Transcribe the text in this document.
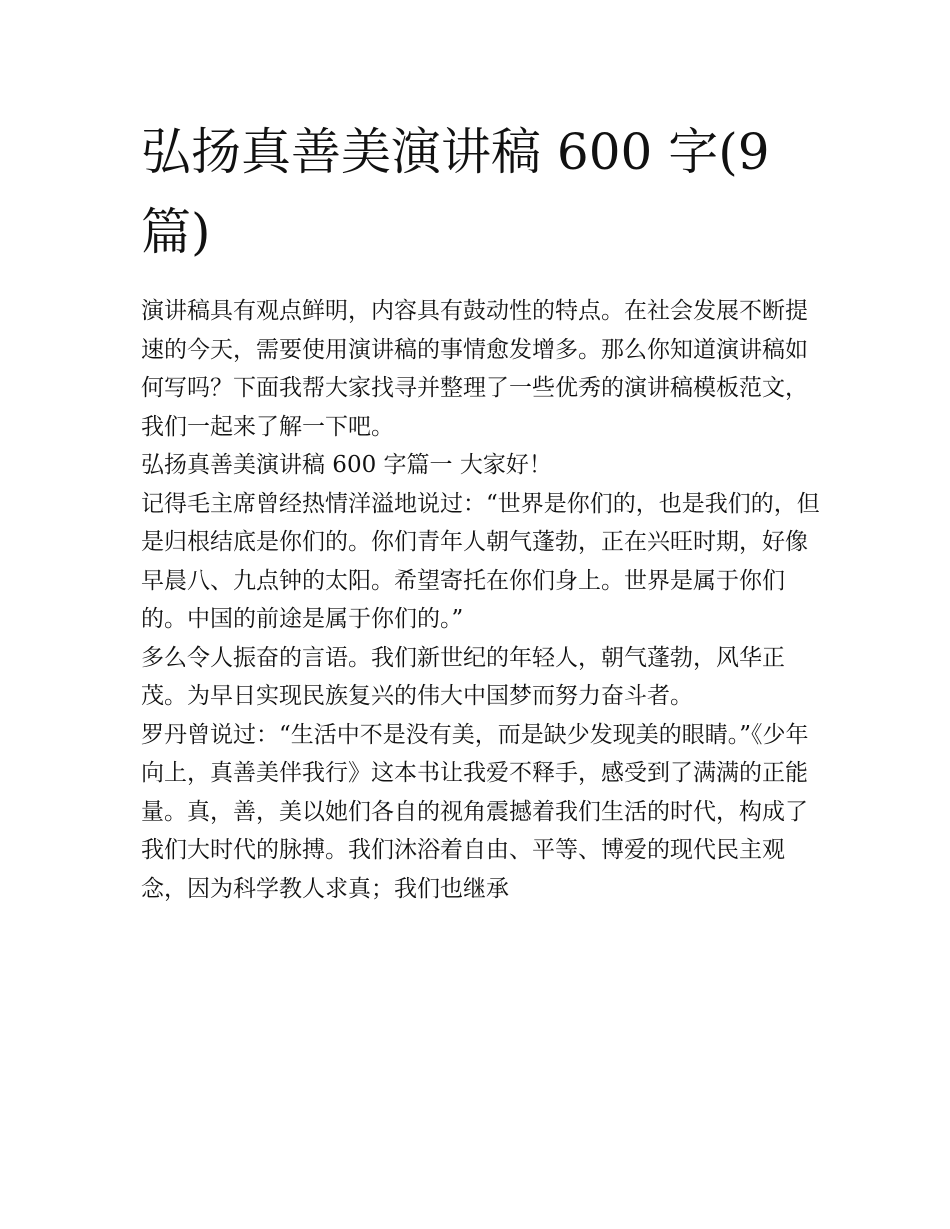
弘扬真善美演讲稿 600 字(9
篇)

演讲稿具有观点鲜明，内容具有鼓动性的特点。在社会发展不断提速的今天，需要使用演讲稿的事情愈发增多。那么你知道演讲稿如何写吗？下面我帮大家找寻并整理了一些优秀的演讲稿模板范文，我们一起来了解一下吧。

弘扬真善美演讲稿 600 字篇一 大家好！

记得毛主席曾经热情洋溢地说过：“世界是你们的，也是我们的，但是归根结底是你们的。你们青年人朝气蓬勃，正在兴旺时期，好像早晨八、九点钟的太阳。希望寄托在你们身上。世界是属于你们的。中国的前途是属于你们的。”

多么令人振奋的言语。我们新世纪的年轻人，朝气蓬勃，风华正茂。为早日实现民族复兴的伟大中国梦而努力奋斗者。

罗丹曾说过：“生活中不是没有美，而是缺少发现美的眼睛。”《少年向上，真善美伴我行》这本书让我爱不释手，感受到了满满的正能量。真，善，美以她们各自的视角震撼着我们生活的时代，构成了我们大时代的脉搏。我们沐浴着自由、平等、博爱的现代民主观念，因为科学教人求真；我们也继承
